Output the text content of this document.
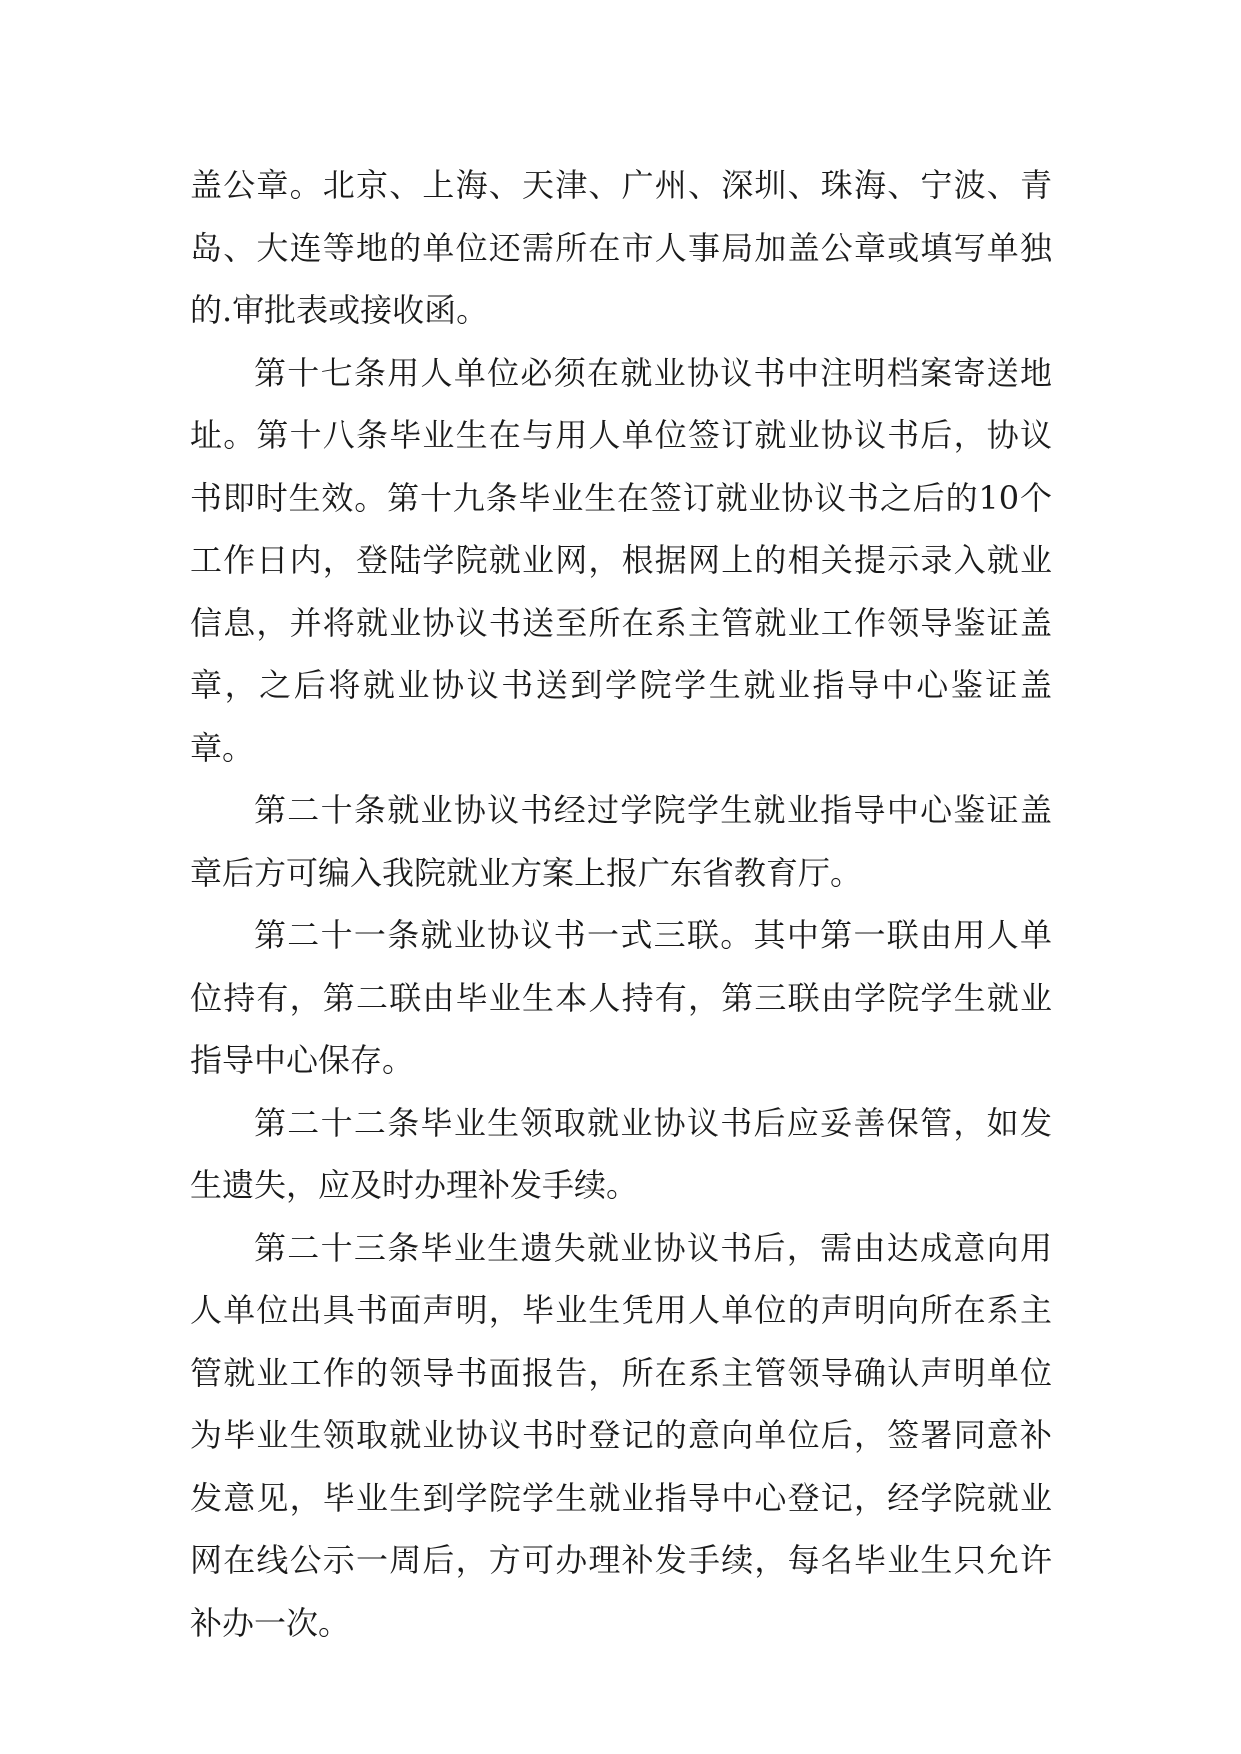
盖公章。北京、上海、天津、广州、深圳、珠海、宁波、青岛、大连等地的单位还需所在市人事局加盖公章或填写单独的.审批表或接收函。

第十七条用人单位必须在就业协议书中注明档案寄送地址。第十八条毕业生在与用人单位签订就业协议书后，协议书即时生效。第十九条毕业生在签订就业协议书之后的10个工作日内，登陆学院就业网，根据网上的相关提示录入就业信息，并将就业协议书送至所在系主管就业工作领导鉴证盖章，之后将就业协议书送到学院学生就业指导中心鉴证盖章。

第二十条就业协议书经过学院学生就业指导中心鉴证盖章后方可编入我院就业方案上报广东省教育厅。

第二十一条就业协议书一式三联。其中第一联由用人单位持有，第二联由毕业生本人持有，第三联由学院学生就业指导中心保存。

第二十二条毕业生领取就业协议书后应妥善保管，如发生遗失，应及时办理补发手续。

第二十三条毕业生遗失就业协议书后，需由达成意向用人单位出具书面声明，毕业生凭用人单位的声明向所在系主管就业工作的领导书面报告，所在系主管领导确认声明单位为毕业生领取就业协议书时登记的意向单位后，签署同意补发意见，毕业生到学院学生就业指导中心登记，经学院就业网在线公示一周后，方可办理补发手续，每名毕业生只允许补办一次。
